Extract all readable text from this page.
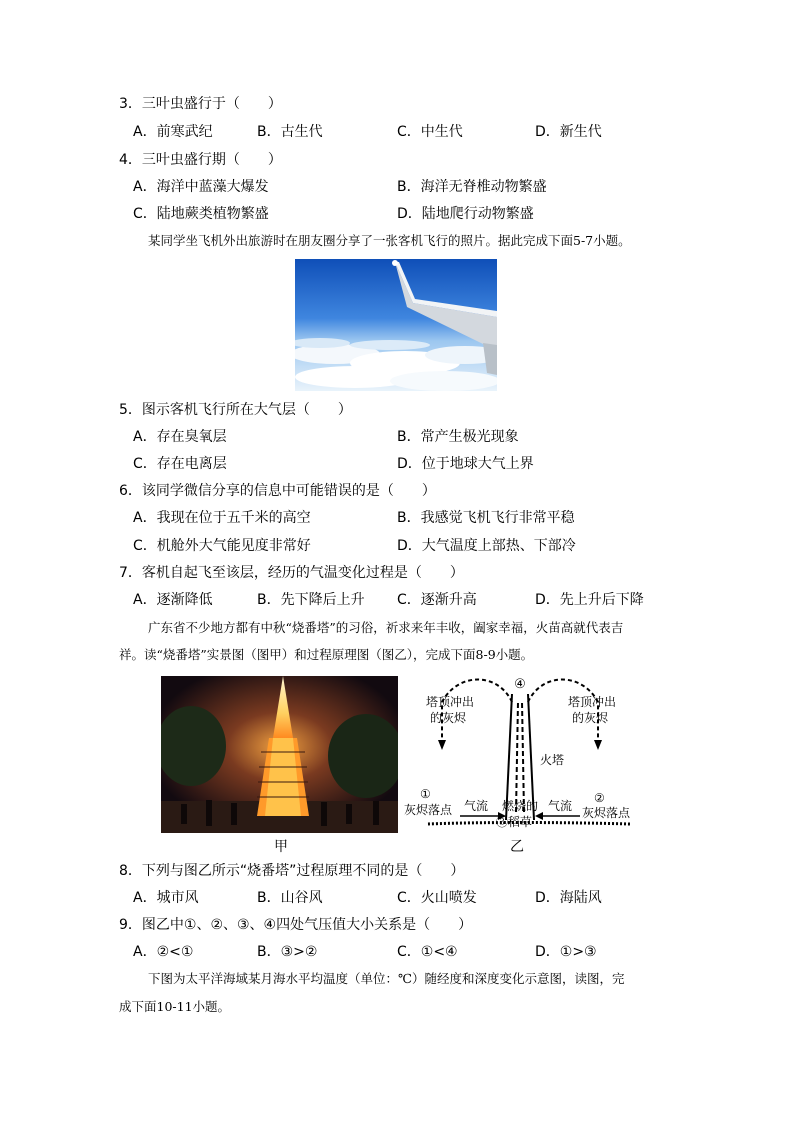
3．三叶虫盛行于（　　）
A．前寒武纪	B．古生代	C．中生代	D．新生代
4．三叶虫盛行期（　　）
A．海洋中蓝藻大爆发	B．海洋无脊椎动物繁盛
C．陆地蕨类植物繁盛	D．陆地爬行动物繁盛
某同学坐飞机外出旅游时在朋友圈分享了一张客机飞行的照片。据此完成下面5-7小题。
5．图示客机飞行所在大气层（　　）
A．存在臭氧层	B．常产生极光现象
C．存在电离层	D．位于地球大气上界
6．该同学微信分享的信息中可能错误的是（　　）
A．我现在位于五千米的高空	B．我感觉飞机飞行非常平稳
C．机舱外大气能见度非常好	D．大气温度上部热、下部冷
7．客机自起飞至该层，经历的气温变化过程是（　　）
A．逐渐降低	B．先下降后上升 C．逐渐升高	D．先上升后下降
广东省不少地方都有中秋“烧番塔”的习俗，祈求来年丰收，阖家幸福，火苗高就代表吉
祥。读“烧番塔”实景图（图甲）和过程原理图（图乙），完成下面8-9小题。
甲
④
塔顶冲出
的灰烬
塔顶冲出
的灰烬
火塔
①
灰烬落点 气流 燃烧的
③稻草
气流
②
灰烬落点
乙
8．下列与图乙所示“烧番塔”过程原理不同的是（　　）
A．城市风	B．山谷风	C．火山喷发	D．海陆风
9．图乙中①、②、③、④四处气压值大小关系是（　　）
A．②<①	B．③>②	C．①<④	D．①>③
下图为太平洋海域某月海水平均温度（单位：℃）随经度和深度变化示意图，读图，完
成下面10-11小题。
